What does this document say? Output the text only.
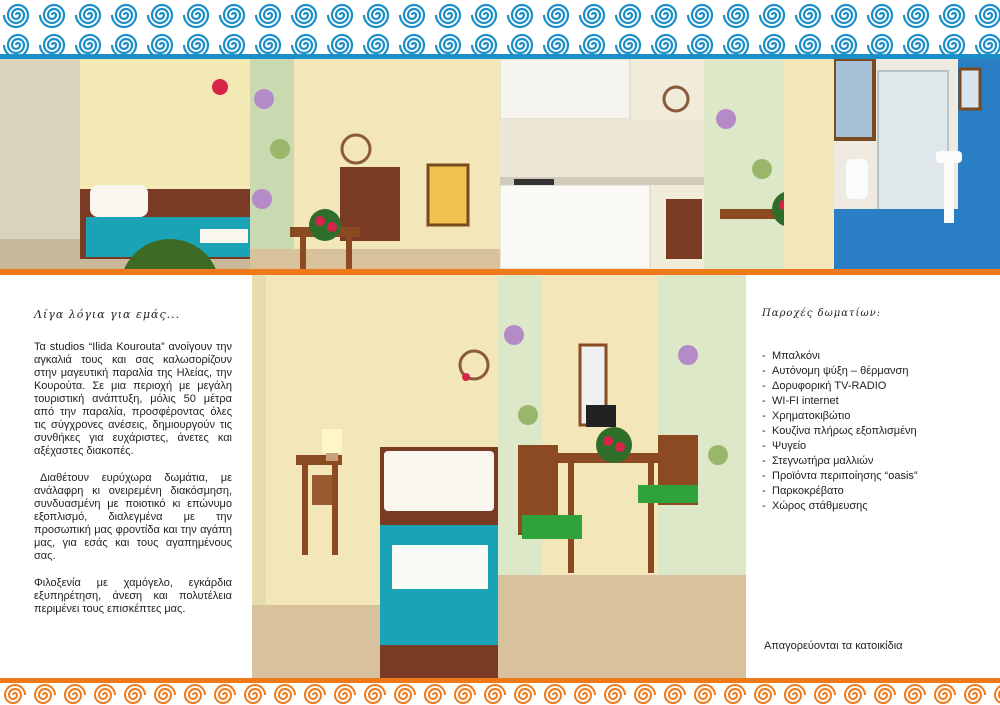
Λίγα λόγια για εμάς...

Τα studios “Ilida Kourouta” ανοίγουν την αγκαλιά τους και σας καλωσορίζουν στην μαγευτική παραλία της Ηλείας, την Κουρούτα. Σε μια περιοχή με μεγάλη τουριστική ανάπτυξη, μόλις 50 μέτρα από την παραλία, προσφέροντας όλες τις σύγχρονες ανέσεις, δημιουργούν τις συνθήκες για ευχάριστες, άνετες και αξέχαστες διακοπές.

Διαθέτουν ευρύχωρα δωμάτια, με ανάλαφρη κι ονειρεμένη διακόσμηση, συνδυασμένη με ποιοτικό κι επώνυμο εξοπλισμό, διαλεγμένα με την προσωπική μας φροντίδα και την αγάπη μας, για εσάς και τους αγαπημένους σας.

Φιλοξενία με χαμόγελο, εγκάρδια εξυπηρέτηση, άνεση και πολυτέλεια περιμένει τους επισκέπτες μας.

Παροχές δωματίων:
- Μπαλκόνι
- Αυτόνομη ψύξη – θέρμανση
- Δορυφορική TV-RADIO
- WI-FI internet
- Χρηματοκιβώτιο
- Κουζίνα πλήρως εξοπλισμένη
- Ψυγείο
- Στεγνωτήρα μαλλιών
- Προϊόντα περιποίησης “oasis”
- Παρκοκρέβατο
- Χώρος στάθμευσης

Απαγορεύονται τα κατοικίδια
